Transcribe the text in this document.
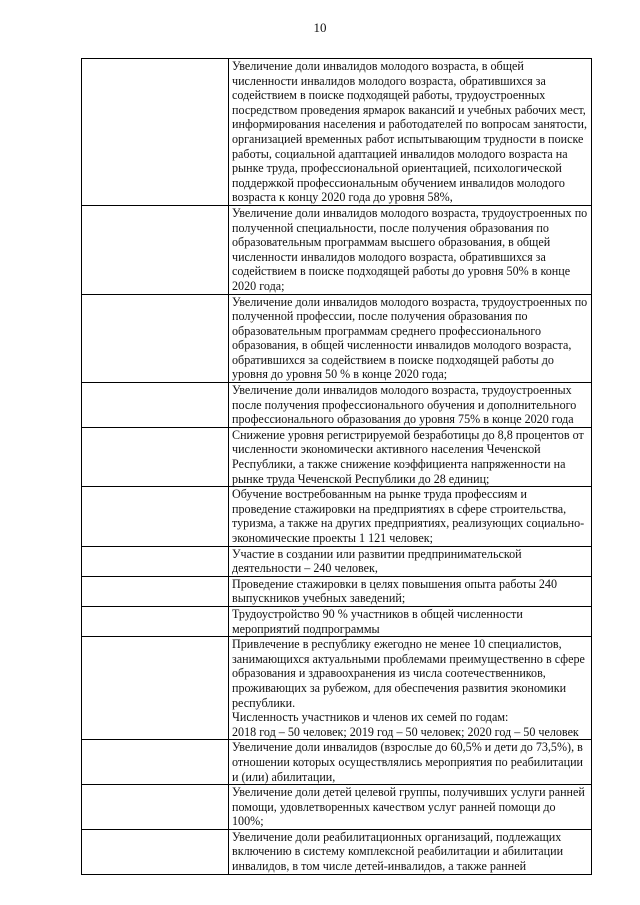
10

	Увеличение доли инвалидов молодого возраста, в общей численности инвалидов молодого возраста, обратившихся за содействием в поиске подходящей работы, трудоустроенных посредством проведения ярмарок вакансий и учебных рабочих мест, информирования населения и работодателей по вопросам занятости, организацией временных работ испытывающим трудности в поиске работы, социальной адаптацией инвалидов молодого возраста на рынке труда, профессиональной ориентацией, психологической поддержкой профессиональным обучением инвалидов молодого возраста к концу 2020 года до уровня 58%,

	Увеличение доли инвалидов молодого возраста, трудоустроенных по полученной специальности, после получения образования по образовательным программам высшего образования, в общей численности инвалидов молодого возраста, обратившихся за содействием в поиске подходящей работы до уровня 50% в конце 2020 года;

	Увеличение доли инвалидов молодого возраста, трудоустроенных по полученной профессии, после получения образования по образовательным программам среднего профессионального образования, в общей численности инвалидов молодого возраста, обратившихся за содействием в поиске подходящей работы до уровня до уровня 50 % в конце 2020 года;

	Увеличение доли инвалидов молодого возраста, трудоустроенных после получения профессионального обучения и дополнительного профессионального образования до уровня 75% в конце 2020 года

	Снижение уровня регистрируемой безработицы до 8,8 процентов от численности экономически активного населения Чеченской Республики, а также снижение коэффициента напряженности на рынке труда Чеченской Республики до 28 единиц;

	Обучение востребованным на рынке труда профессиям и проведение стажировки на предприятиях в сфере строительства, туризма, а также на других предприятиях, реализующих социально-экономические проекты 1 121 человек;

	Участие в создании или развитии предпринимательской деятельности – 240 человек,

	Проведение стажировки в целях повышения опыта работы 240 выпускников учебных заведений;

	Трудоустройство 90 % участников в общей численности мероприятий подпрограммы

	Привлечение в республику ежегодно не менее 10 специалистов, занимающихся актуальными проблемами преимущественно в сфере образования и здравоохранения из числа соотечественников, проживающих за рубежом, для обеспечения развития экономики республики.
Численность участников и членов их семей по годам:
2018 год – 50 человек; 2019 год – 50 человек; 2020 год – 50 человек

	Увеличение доли инвалидов (взрослые до 60,5% и дети до 73,5%), в отношении которых осуществлялись мероприятия по реабилитации и (или) абилитации,

	Увеличение доли детей целевой группы, получивших услуги ранней помощи, удовлетворенных качеством услуг ранней помощи до 100%;

	Увеличение доли реабилитационных организаций, подлежащих включению в систему комплексной реабилитации и абилитации инвалидов, в том числе детей-инвалидов, а также ранней
